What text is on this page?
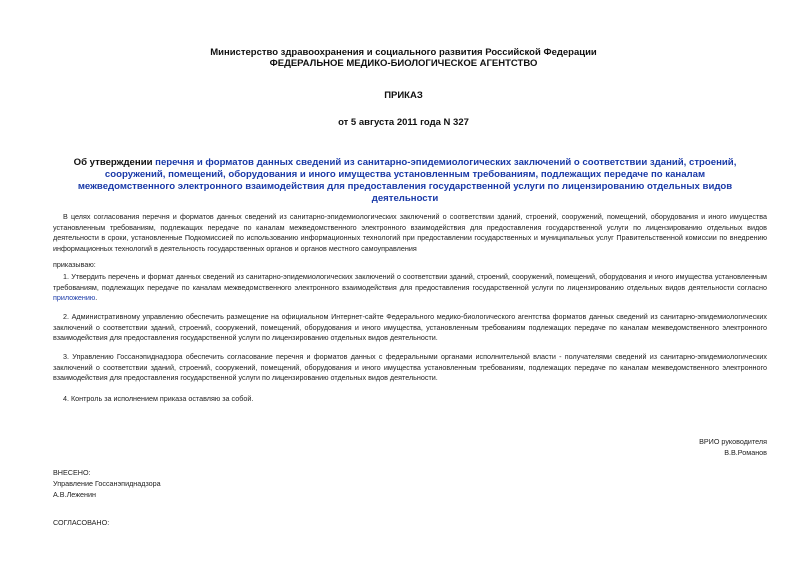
Министерство здравоохранения и социального развития Российской Федерации
ФЕДЕРАЛЬНОЕ МЕДИКО-БИОЛОГИЧЕСКОЕ АГЕНТСТВО
ПРИКАЗ
от 5 августа 2011 года N 327
Об утверждении перечня и форматов данных сведений из санитарно-эпидемиологических заключений о соответствии зданий, строений, сооружений, помещений, оборудования и иного имущества установленным требованиям, подлежащих передаче по каналам межведомственного электронного взаимодействия для предоставления государственной услуги по лицензированию отдельных видов деятельности

В целях согласования перечня и форматов данных сведений из санитарно-эпидемиологических заключений о соответствии зданий, строений, сооружений, помещений, оборудования и иного имущества установленным требованиям, подлежащих передаче по каналам межведомственного электронного взаимодействия для предоставления государственной услуги по лицензированию отдельных видов деятельности в сроки, установленные Подкомиссией по использованию информационных технологий при предоставлении государственных и муниципальных услуг Правительственной комиссии по внедрению информационных технологий в деятельность государственных органов и органов местного самоуправления

приказываю:

1. Утвердить перечень и формат данных сведений из санитарно-эпидемиологических заключений о соответствии зданий, строений, сооружений, помещений, оборудования и иного имущества установленным требованиям, подлежащих передаче по каналам межведомственного электронного взаимодействия для предоставления государственной услуги по лицензированию отдельных видов деятельности согласно приложению.

2. Административному управлению обеспечить размещение на официальном Интернет-сайте Федерального медико-биологического агентства форматов данных сведений из санитарно-эпидемиологических заключений о соответствии зданий, строений, сооружений, помещений, оборудования и иного имущества, установленным требованиям подлежащих передаче по каналам межведомственного электронного взаимодействия для предоставления государственной услуги по лицензированию отдельных видов деятельности.

3. Управлению Госсанэпиднадзора обеспечить согласование перечня и форматов данных с федеральными органами исполнительной власти - получателями сведений из санитарно-эпидемиологических заключений о соответствии зданий, строений, сооружений, помещений, оборудования и иного имущества установленным требованиям, подлежащих передаче по каналам межведомственного электронного взаимодействия для предоставления государственной услуги по лицензированию отдельных видов деятельности.

4. Контроль за исполнением приказа оставляю за собой.

ВРИО руководителя
В.В.Романов
ВНЕСЕНО:
Управление Госсанэпиднадзора
А.В.Леженин
СОГЛАСОВАНО:
